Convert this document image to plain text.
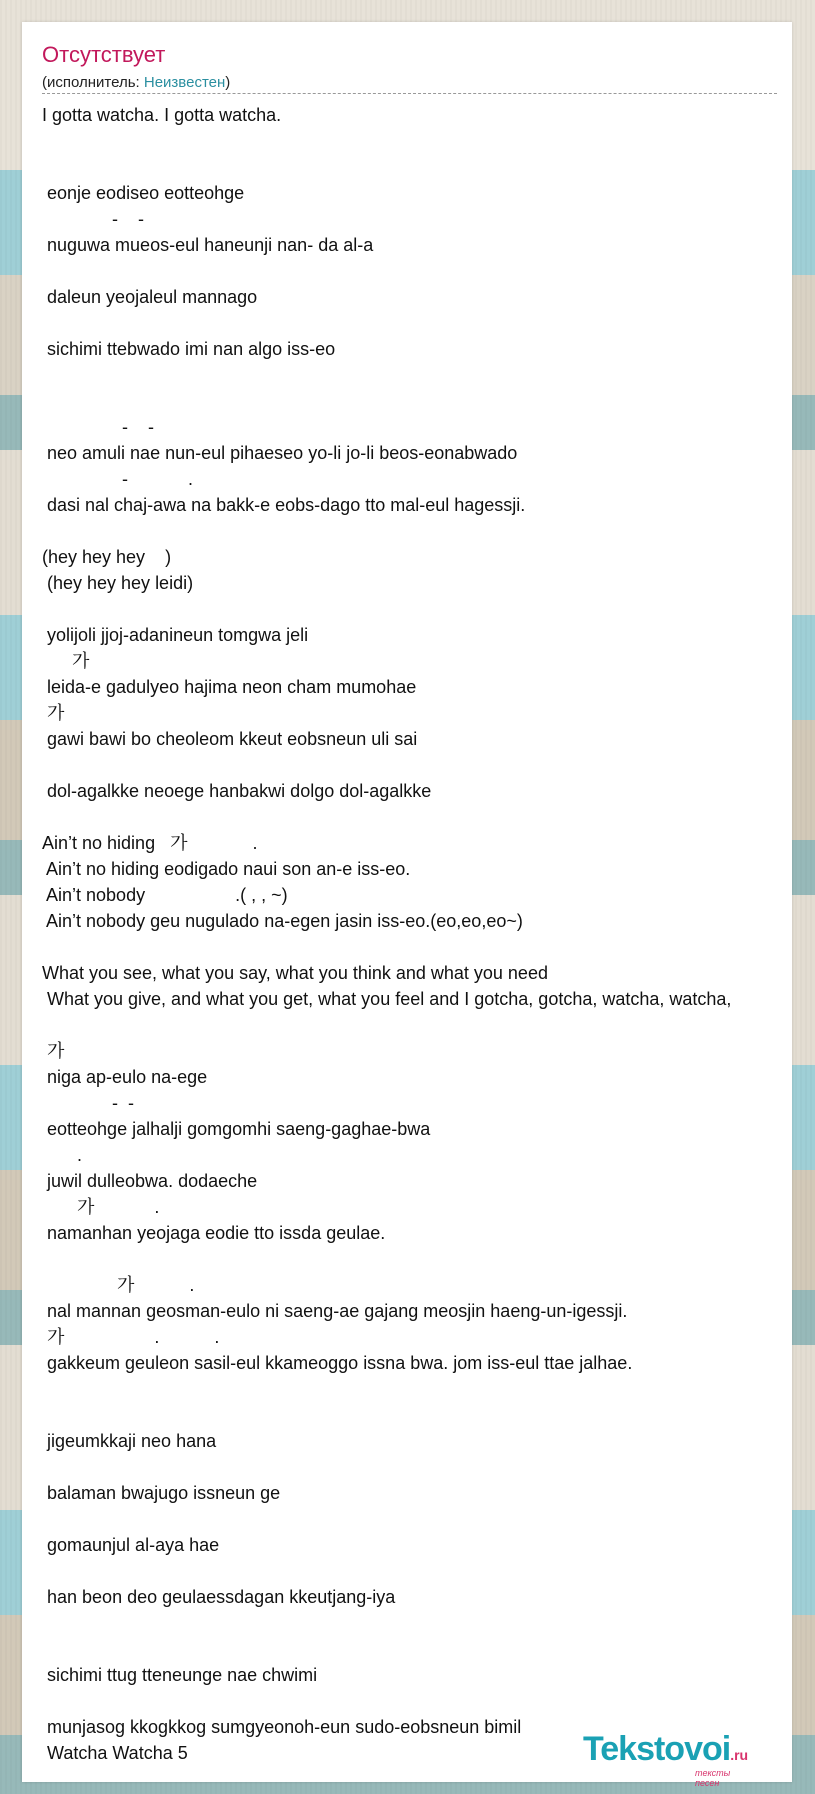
Отсутствует
(исполнитель: Неизвестен)
I gotta watcha. I gotta watcha.
eonje eodiseo eotteohge
-    -
nuguwa mueos-eul haneunji nan- da al-a
daleun yeojaleul mannago
sichimi ttebwado imi nan algo iss-eo
-    -
neo amuli nae nun-eul pihaeseo yo-li jo-li beos-eonabwado
-            .
dasi nal chaj-awa na bakk-e eobs-dago tto mal-eul hagessji.
(hey hey hey    )
(hey hey hey leidi)
yolijoli jjoj-adanineun tomgwa jeli
가
leida-e gadulyeo hajima neon cham mumohae
가
gawi bawi bo cheoleom kkeut eobsneun uli sai
dol-agalkke neoege hanbakwi dolgo dol-agalkke
Ain’t no hiding   가             .
Ain’t no hiding eodigado naui son an-e iss-eo.
Ain’t nobody                  .( , , ~)
Ain’t nobody geu nugulado na-egen jasin iss-eo.(eo,eo,eo~)
What you see, what you say, what you think and what you need
What you give, and what you get, what you feel and I gotcha, gotcha, watcha, watcha,
가
niga ap-eulo na-ege
-  -
eotteohge jalhalji gomgomhi saeng-gaghae-bwa
.
juwil dulleobwa. dodaeche
가            .
namanhan yeojaga eodie tto issda geulae.
가           .
nal mannan geosman-eulo ni saeng-ae gajang meosjin haeng-un-igessji.
가                  .           .
gakkeum geuleon sasil-eul kkameoggo issna bwa. jom iss-eul ttae jalhae.
jigeumkkaji neo hana
balaman bwajugo issneun ge
gomaunjul al-aya hae
han beon deo geulaessdagan kkeutjang-iya
sichimi ttug tteneunge nae chwimi
munjasog kkogkkog sumgyeonoh-eun sudo-eobsneun bimil
Watcha Watcha 5	Tekstovoi.ru
тексты песен
